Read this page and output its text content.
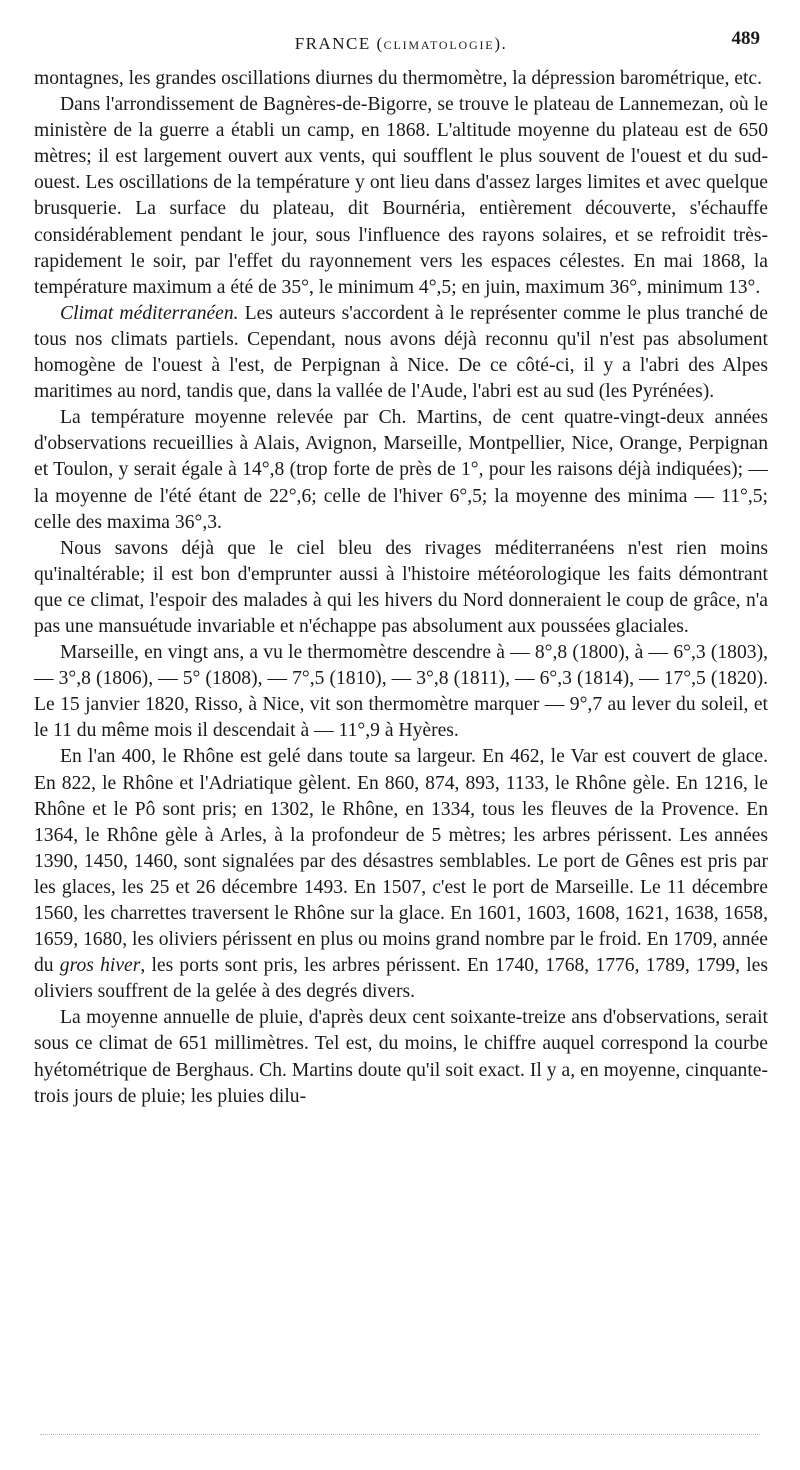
FRANCE (CLIMATOLOGIE).	489

montagnes, les grandes oscillations diurnes du thermomètre, la dépression barométrique, etc.

Dans l'arrondissement de Bagnères-de-Bigorre, se trouve le plateau de Lannemezan, où le ministère de la guerre a établi un camp, en 1868. L'altitude moyenne du plateau est de 650 mètres; il est largement ouvert aux vents, qui soufflent le plus souvent de l'ouest et du sud-ouest. Les oscillations de la température y ont lieu dans d'assez larges limites et avec quelque brusquerie. La surface du plateau, dit Bournéria, entièrement découverte, s'échauffe considérablement pendant le jour, sous l'influence des rayons solaires, et se refroidit très-rapidement le soir, par l'effet du rayonnement vers les espaces célestes. En mai 1868, la température maximum a été de 35°, le minimum 4°,5; en juin, maximum 36°, minimum 13°.

Climat méditerranéen. Les auteurs s'accordent à le représenter comme le plus tranché de tous nos climats partiels. Cependant, nous avons déjà reconnu qu'il n'est pas absolument homogène de l'ouest à l'est, de Perpignan à Nice. De ce côté-ci, il y a l'abri des Alpes maritimes au nord, tandis que, dans la vallée de l'Aude, l'abri est au sud (les Pyrénées).

La température moyenne relevée par Ch. Martins, de cent quatre-vingt-deux années d'observations recueillies à Alais, Avignon, Marseille, Montpellier, Nice, Orange, Perpignan et Toulon, y serait égale à 14°,8 (trop forte de près de 1°, pour les raisons déjà indiquées); — la moyenne de l'été étant de 22°,6; celle de l'hiver 6°,5; la moyenne des minima — 11°,5; celle des maxima 36°,3.

Nous savons déjà que le ciel bleu des rivages méditerranéens n'est rien moins qu'inaltérable; il est bon d'emprunter aussi à l'histoire météorologique les faits démontrant que ce climat, l'espoir des malades à qui les hivers du Nord donneraient le coup de grâce, n'a pas une mansuétude invariable et n'échappe pas absolument aux poussées glaciales.

Marseille, en vingt ans, a vu le thermomètre descendre à — 8°,8 (1800), à — 6°,3 (1803), — 3°,8 (1806), — 5° (1808), — 7°,5 (1810), — 3°,8 (1811), — 6°,3 (1814), — 17°,5 (1820). Le 15 janvier 1820, Risso, à Nice, vit son thermomètre marquer — 9°,7 au lever du soleil, et le 11 du même mois il descendait à — 11°,9 à Hyères.

En l'an 400, le Rhône est gelé dans toute sa largeur. En 462, le Var est couvert de glace. En 822, le Rhône et l'Adriatique gèlent. En 860, 874, 893, 1133, le Rhône gèle. En 1216, le Rhône et le Pô sont pris; en 1302, le Rhône, en 1334, tous les fleuves de la Provence. En 1364, le Rhône gèle à Arles, à la profondeur de 5 mètres; les arbres périssent. Les années 1390, 1450, 1460, sont signalées par des désastres semblables. Le port de Gênes est pris par les glaces, les 25 et 26 décembre 1493. En 1507, c'est le port de Marseille. Le 11 décembre 1560, les charrettes traversent le Rhône sur la glace. En 1601, 1603, 1608, 1621, 1638, 1658, 1659, 1680, les oliviers périssent en plus ou moins grand nombre par le froid. En 1709, année du gros hiver, les ports sont pris, les arbres périssent. En 1740, 1768, 1776, 1789, 1799, les oliviers souffrent de la gelée à des degrés divers.

La moyenne annuelle de pluie, d'après deux cent soixante-treize ans d'observations, serait sous ce climat de 651 millimètres. Tel est, du moins, le chiffre auquel correspond la courbe hyétométrique de Berghaus. Ch. Martins doute qu'il soit exact. Il y a, en moyenne, cinquante-trois jours de pluie; les pluies dilu-
